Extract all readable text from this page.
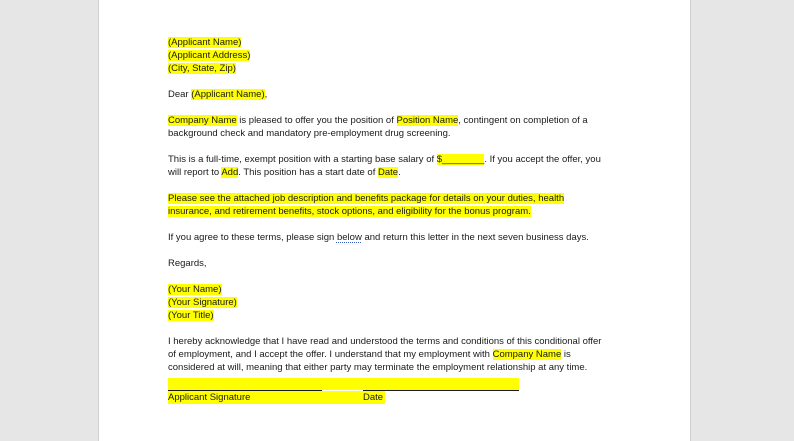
(Applicant Name)
(Applicant Address)
(City, State, Zip)
Dear (Applicant Name),
Company Name is pleased to offer you the position of Position Name, contingent on completion of a
background check and mandatory pre-employment drug screening.
This is a full-time, exempt position with a starting base salary of $________. If you accept the offer, you
will report to Add. This position has a start date of Date.
Please see the attached job description and benefits package for details on your duties, health
insurance, and retirement benefits, stock options, and eligibility for the bonus program.
If you agree to these terms, please sign below and return this letter in the next seven business days.
Regards,
(Your Name)
(Your Signature)
(Your Title)
I hereby acknowledge that I have read and understood the terms and conditions of this conditional offer
of employment, and I accept the offer. I understand that my employment with Company Name is
considered at will, meaning that either party may terminate the employment relationship at any time.
Applicant Signature	Date
